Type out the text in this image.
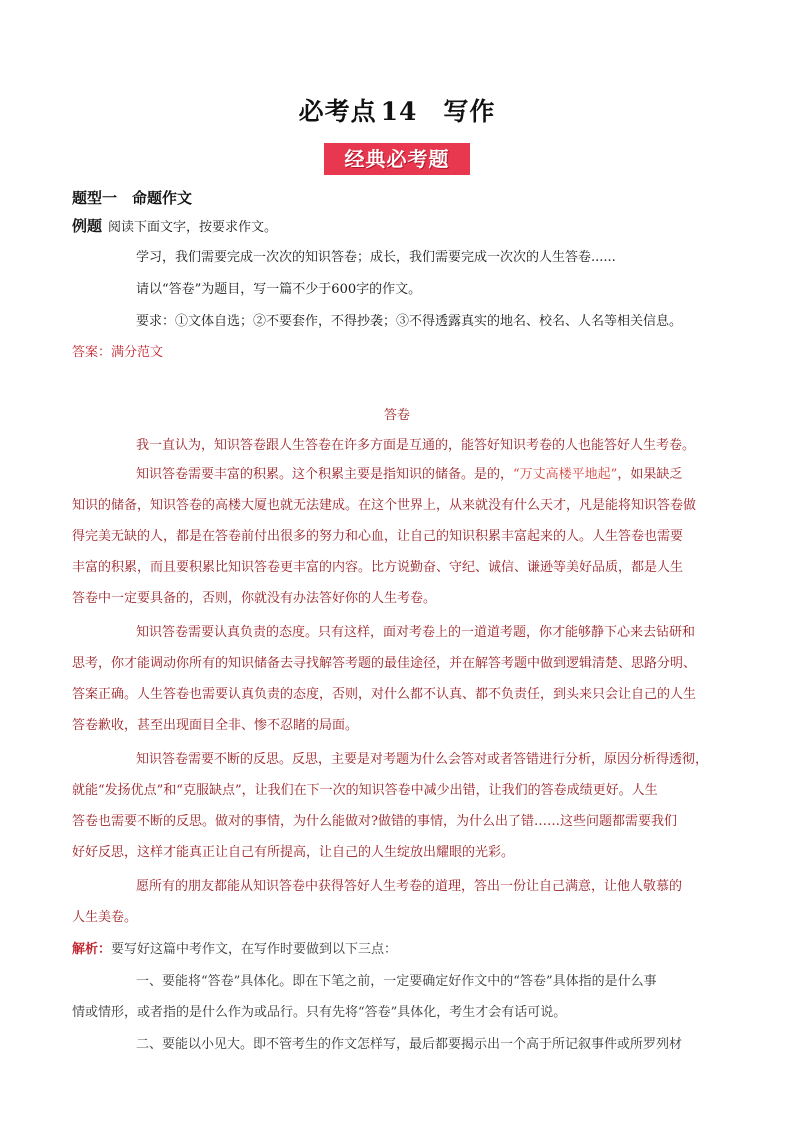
必考点 14 写作
经典必考题
题型一　命题作文
例题 阅读下面文字，按要求作文。
学习，我们需要完成一次次的知识答卷；成长，我们需要完成一次次的人生答卷......
请以“答卷”为题目，写一篇不少于600字的作文。
要求：①文体自选；②不要套作，不得抄袭；③不得透露真实的地名、校名、人名等相关信息。
答案：满分范文
答卷
我一直认为，知识答卷跟人生答卷在许多方面是互通的，能答好知识考卷的人也能答好人生考卷。
知识答卷需要丰富的积累。这个积累主要是指知识的储备。是的，“万丈高楼平地起”，如果缺乏
知识的储备，知识答卷的高楼大厦也就无法建成。在这个世界上，从来就没有什么天才，凡是能将知识答卷做
得完美无缺的人，都是在答卷前付出很多的努力和心血，让自己的知识积累丰富起来的人。人生答卷也需要
丰富的积累，而且要积累比知识答卷更丰富的内容。比方说勤奋、守纪、诚信、谦逊等美好品质，都是人生
答卷中一定要具备的，否则，你就没有办法答好你的人生考卷。
知识答卷需要认真负责的态度。只有这样，面对考卷上的一道道考题，你才能够静下心来去钻研和
思考，你才能调动你所有的知识储备去寻找解答考题的最佳途径，并在解答考题中做到逻辑清楚、思路分明、
答案正确。人生答卷也需要认真负责的态度，否则，对什么都不认真、都不负责任，到头来只会让自己的人生
答卷歉收，甚至出现面目全非、惨不忍睹的局面。
知识答卷需要不断的反思。反思，主要是对考题为什么会答对或者答错进行分析，原因分析得透彻，
就能“发扬优点”和“克服缺点”，让我们在下一次的知识答卷中减少出错，让我们的答卷成绩更好。人生
答卷也需要不断的反思。做对的事情，为什么能做对?做错的事情，为什么出了错……这些问题都需要我们
好好反思，这样才能真正让自己有所提高，让自己的人生绽放出耀眼的光彩。
愿所有的朋友都能从知识答卷中获得答好人生考卷的道理，答出一份让自己满意，让他人敬慕的
人生美卷。
解析：要写好这篇中考作文，在写作时要做到以下三点：
一、要能将“答卷”具体化。即在下笔之前，一定要确定好作文中的“答卷”具体指的是什么事
情或情形，或者指的是什么作为或品行。只有先将“答卷”具体化，考生才会有话可说。
二、要能以小见大。即不管考生的作文怎样写，最后都要揭示出一个高于所记叙事件或所罗列材
